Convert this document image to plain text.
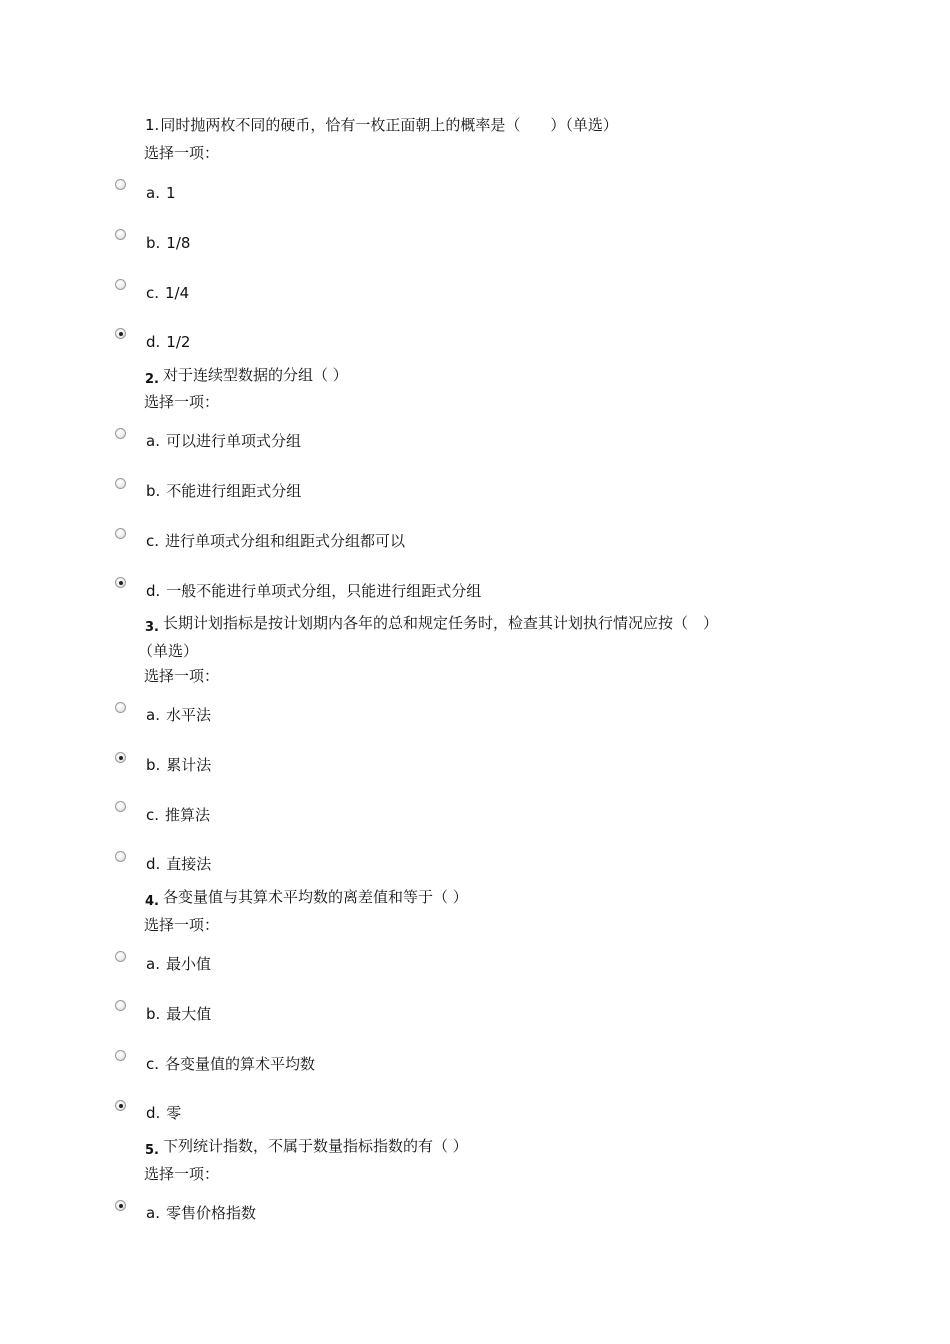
1.同时抛两枚不同的硬币，恰有一枚正面朝上的概率是（　　）（单选）
选择一项：
a. 1
b. 1/8
c. 1/4
d. 1/2
2. 对于连续型数据的分组（ ）
选择一项：
a. 可以进行单项式分组
b. 不能进行组距式分组
c. 进行单项式分组和组距式分组都可以
d. 一般不能进行单项式分组，只能进行组距式分组
3. 长期计划指标是按计划期内各年的总和规定任务时，检查其计划执行情况应按（　）
（单选）
选择一项：
a. 水平法
b. 累计法
c. 推算法
d. 直接法
4. 各变量值与其算术平均数的离差值和等于（ ）
选择一项：
a. 最小值
b. 最大值
c. 各变量值的算术平均数
d. 零
5. 下列统计指数，不属于数量指标指数的有（ ）
选择一项：
a. 零售价格指数
